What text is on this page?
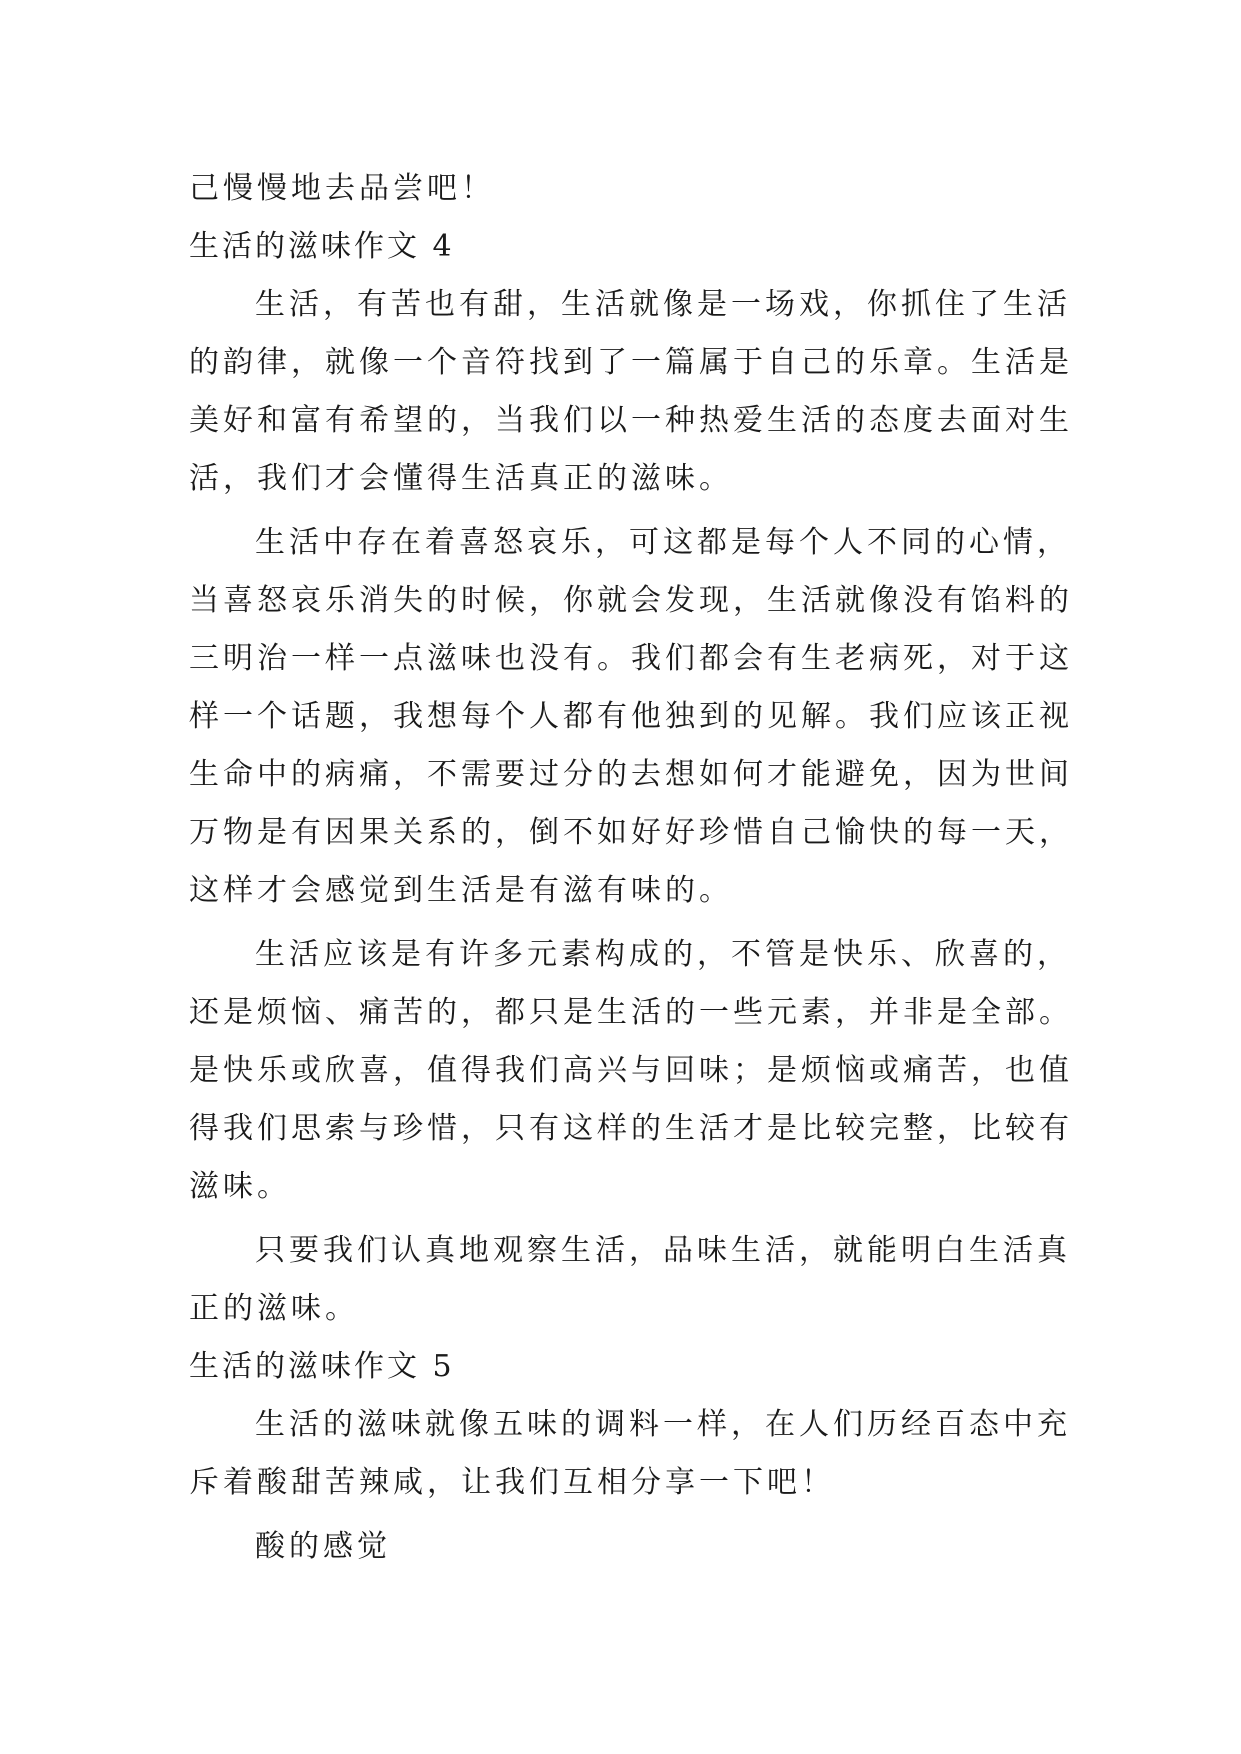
己慢慢地去品尝吧！
生活的滋味作文 4
生活，有苦也有甜，生活就像是一场戏，你抓住了生活
的韵律，就像一个音符找到了一篇属于自己的乐章。生活是
美好和富有希望的，当我们以一种热爱生活的态度去面对生
活，我们才会懂得生活真正的滋味。
生活中存在着喜怒哀乐，可这都是每个人不同的心情，
当喜怒哀乐消失的时候，你就会发现，生活就像没有馅料的
三明治一样一点滋味也没有。我们都会有生老病死，对于这
样一个话题，我想每个人都有他独到的见解。我们应该正视
生命中的病痛，不需要过分的去想如何才能避免，因为世间
万物是有因果关系的，倒不如好好珍惜自己愉快的每一天，
这样才会感觉到生活是有滋有味的。
生活应该是有许多元素构成的，不管是快乐、欣喜的，
还是烦恼、痛苦的，都只是生活的一些元素，并非是全部。
是快乐或欣喜，值得我们高兴与回味；是烦恼或痛苦，也值
得我们思索与珍惜，只有这样的生活才是比较完整，比较有
滋味。
只要我们认真地观察生活，品味生活，就能明白生活真
正的滋味。
生活的滋味作文 5
生活的滋味就像五味的调料一样，在人们历经百态中充
斥着酸甜苦辣咸，让我们互相分享一下吧！
酸的感觉
